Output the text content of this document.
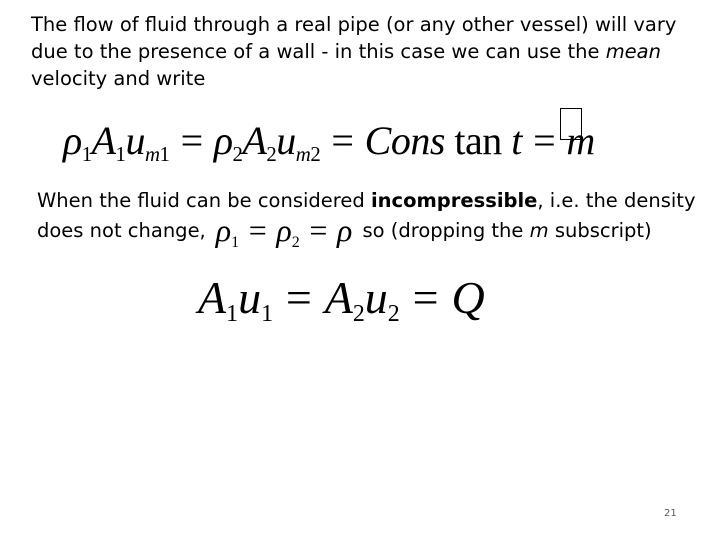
The flow of fluid through a real pipe (or any other vessel) will vary due to the presence of a wall - in this case we can use the mean velocity and write

$\rho_1A_1u_{m1} = \rho_2A_2u_{m2}$ = Cons tan t = m

When the fluid can be considered incompressible, i.e. the density does not change, $\rho_1 = \rho_2 = \rho$ so (dropping the m subscript)

$A_1u_1 = A_2u_2 = Q$
21
